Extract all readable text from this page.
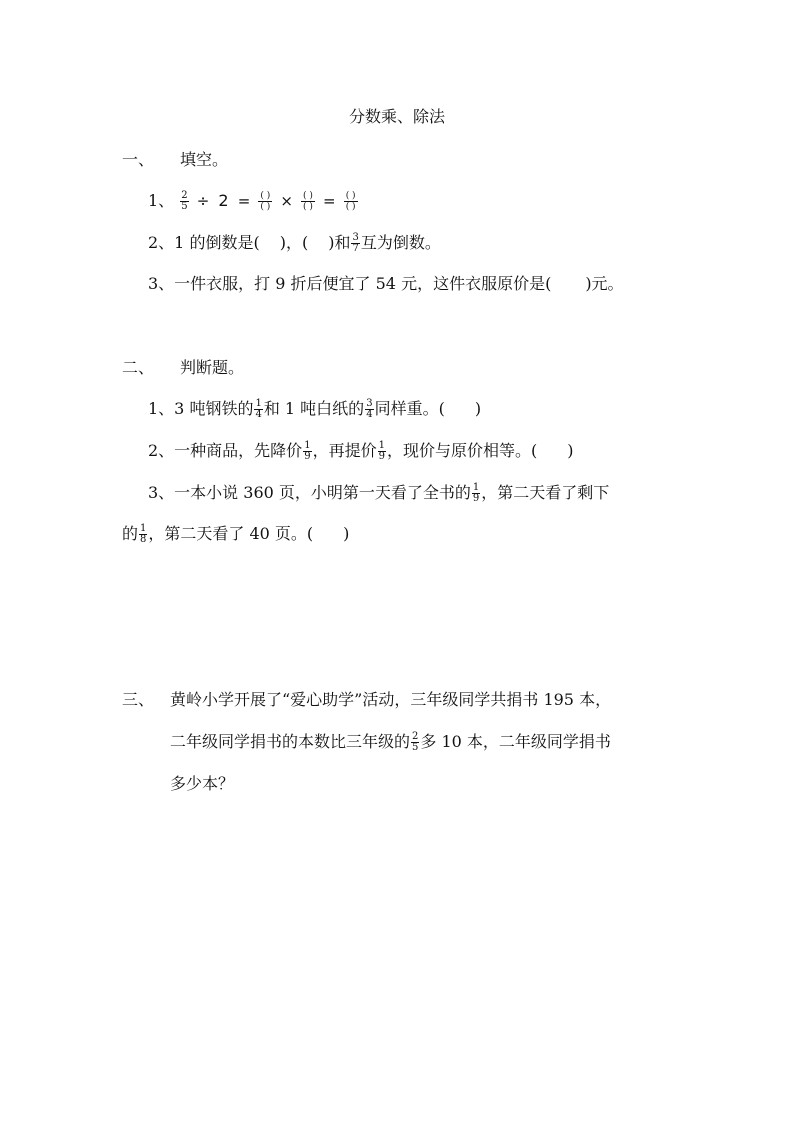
分数乘、除法
一、 填空。
1、 $\frac{2}{5} \div 2 = \frac{( )}{( )} \times \frac{( )}{( )} = \frac{( )}{( )}$
2、1 的倒数是( )，( )和 $\frac{3}{7}$ 互为倒数。
3、一件衣服，打 9 折后便宜了 54 元，这件衣服原价是( )元。
二、 判断题。
1、3 吨钢铁的 $\frac{1}{4}$ 和 1 吨白纸的 $\frac{3}{4}$ 同样重。( )
2、一种商品，先降价 $\frac{1}{9}$ ，再提价 $\frac{1}{9}$ ，现价与原价相等。( )
3、一本小说 360 页，小明第一天看了全书的 $\frac{1}{9}$ ，第二天看了剩下
的 $\frac{1}{8}$ ，第二天看了 40 页。( )
三、 黄岭小学开展了“爱心助学”活动，三年级同学共捐书 195 本，
二年级同学捐书的本数比三年级的 $\frac{2}{5}$ 多 10 本，二年级同学捐书
多少本？
